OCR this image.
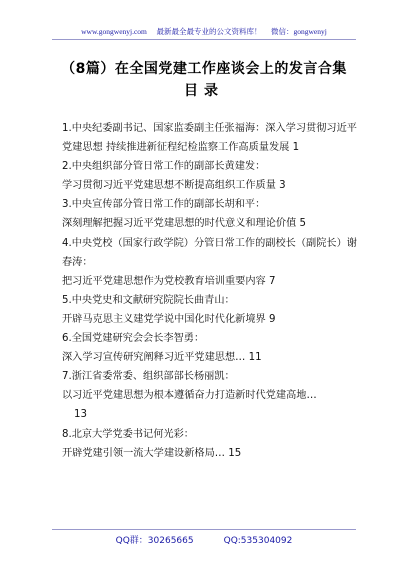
www.gongwenyj.com 最新最全最专业的公文资料库！ 微信：gongwenyj
（8篇）在全国党建工作座谈会上的发言合集
目录
1.中央纪委副书记、国家监委副主任张福海：深入学习贯彻习近平党建思想 持续推进新征程纪检监察工作高质量发展 1
2.中央组织部分管日常工作的副部长黄建发：
学习贯彻习近平党建思想不断提高组织工作质量 3
3.中央宣传部分管日常工作的副部长胡和平：
深刻理解把握习近平党建思想的时代意义和理论价值 5
4.中央党校（国家行政学院）分管日常工作的副校长（副院长）谢春涛：
把习近平党建思想作为党校教育培训重要内容 7
5.中央党史和文献研究院院长曲青山：
开辟马克思主义建党学说中国化时代化新境界 9
6.全国党建研究会会长李智勇：
深入学习宣传研究阐释习近平党建思想… 11
7.浙江省委常委、组织部部长杨丽凯：
以习近平党建思想为根本遵循奋力打造新时代党建高地…
13
8.北京大学党委书记何光彩：
开辟党建引领一流大学建设新格局… 15
QQ群：30265665	QQ:535304092
